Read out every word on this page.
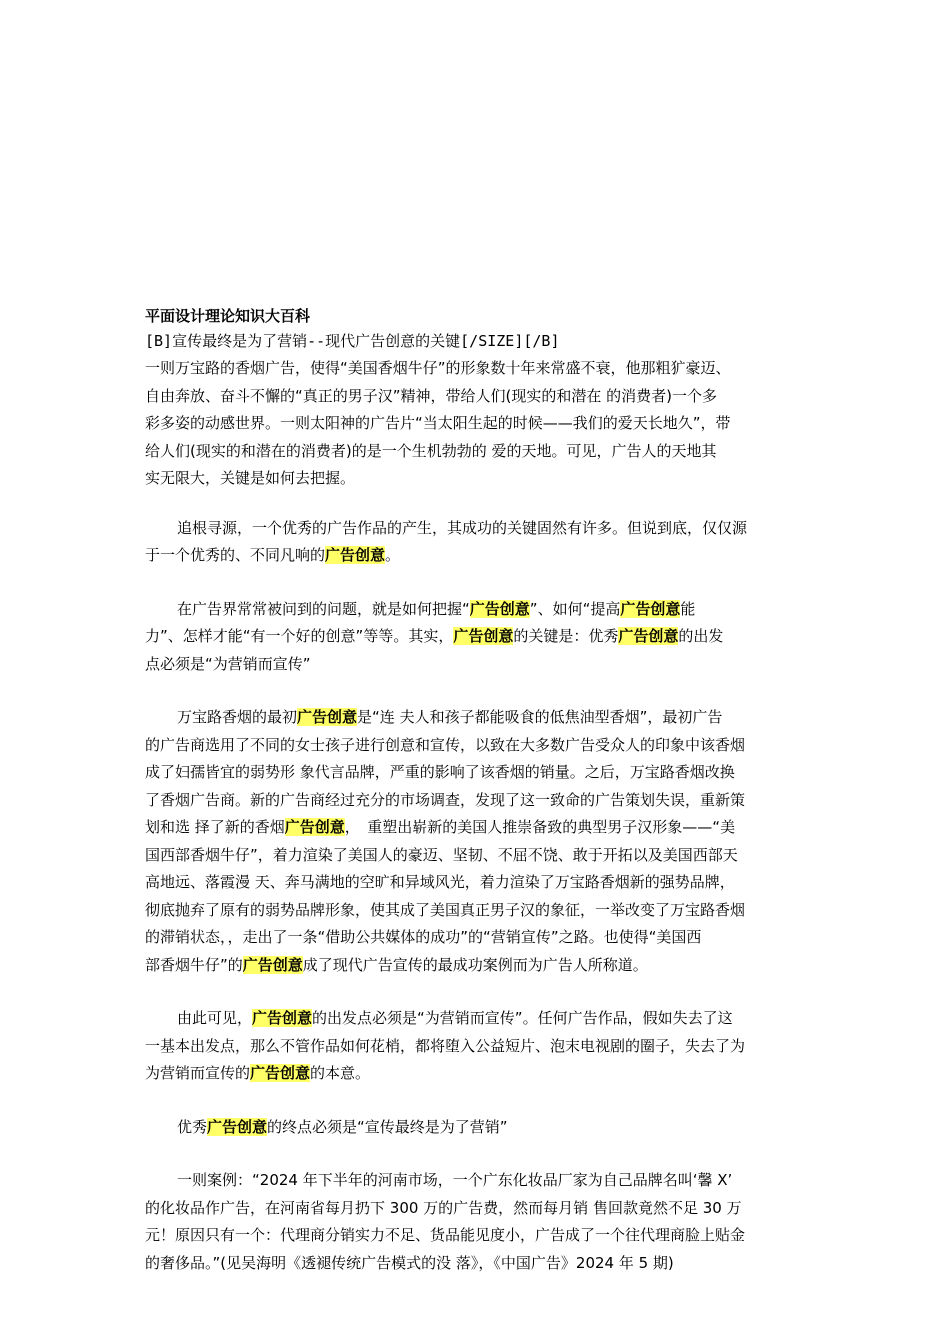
平面设计理论知识大百科

[B]宣传最终是为了营销--现代广告创意的关键[/SIZE][/B]

一则万宝路的香烟广告，使得“美国香烟牛仔”的形象数十年来常盛不衰，他那粗犷豪迈、
自由奔放、奋斗不懈的“真正的男子汉”精神，带给人们(现实的和潜在 的消费者)一个多
彩多姿的动感世界。一则太阳神的广告片“当太阳生起的时候——我们的爱天长地久”，带
给人们(现实的和潜在的消费者)的是一个生机勃勃的 爱的天地。可见，广告人的天地其
实无限大，关键是如何去把握。
追根寻源，一个优秀的广告作品的产生，其成功的关键固然有许多。但说到底，仅仅源
于一个优秀的、不同凡响的广告创意。
在广告界常常被问到的问题，就是如何把握“广告创意”、如何“提高广告创意能
力”、怎样才能“有一个好的创意”等等。其实，广告创意的关键是：优秀广告创意的出发
点必须是“为营销而宣传”
万宝路香烟的最初广告创意是“连 夫人和孩子都能吸食的低焦油型香烟”，最初广告
的广告商选用了不同的女士孩子进行创意和宣传，以致在大多数广告受众人的印象中该香烟
成了妇孺皆宜的弱势形 象代言品牌，严重的影响了该香烟的销量。之后，万宝路香烟改换
了香烟广告商。新的广告商经过充分的市场调查，发现了这一致命的广告策划失误，重新策
划和选 择了新的香烟广告创意，　重塑出崭新的美国人推崇备致的典型男子汉形象——“美
国西部香烟牛仔”，着力渲染了美国人的豪迈、坚韧、不屈不饶、敢于开拓以及美国西部天
高地远、落霞漫 天、奔马满地的空旷和异域风光，着力渲染了万宝路香烟新的强势品牌，
彻底抛弃了原有的弱势品牌形象，使其成了美国真正男子汉的象征，一举改变了万宝路香烟
的滞销状态，，走出了一条“借助公共媒体的成功”的“营销宣传”之路。也使得“美国西
部香烟牛仔”的广告创意成了现代广告宣传的最成功案例而为广告人所称道。
由此可见，广告创意的出发点必须是“为营销而宣传”。任何广告作品，假如失去了这
一基本出发点，那么不管作品如何花梢，都将堕入公益短片、泡末电视剧的圈子，失去了为
为营销而宣传的广告创意的本意。
优秀广告创意的终点必须是“宣传最终是为了营销”
一则案例：“2024 年下半年的河南市场，一个广东化妆品厂家为自己品牌名叫‘馨 X’
的化妆品作广告，在河南省每月扔下 300 万的广告费，然而每月销 售回款竟然不足 30 万
元！原因只有一个：代理商分销实力不足、货品能见度小，广告成了一个往代理商脸上贴金
的奢侈品。”(见吴海明《透褪传统广告模式的没 落》，《中国广告》2024 年 5 期)
